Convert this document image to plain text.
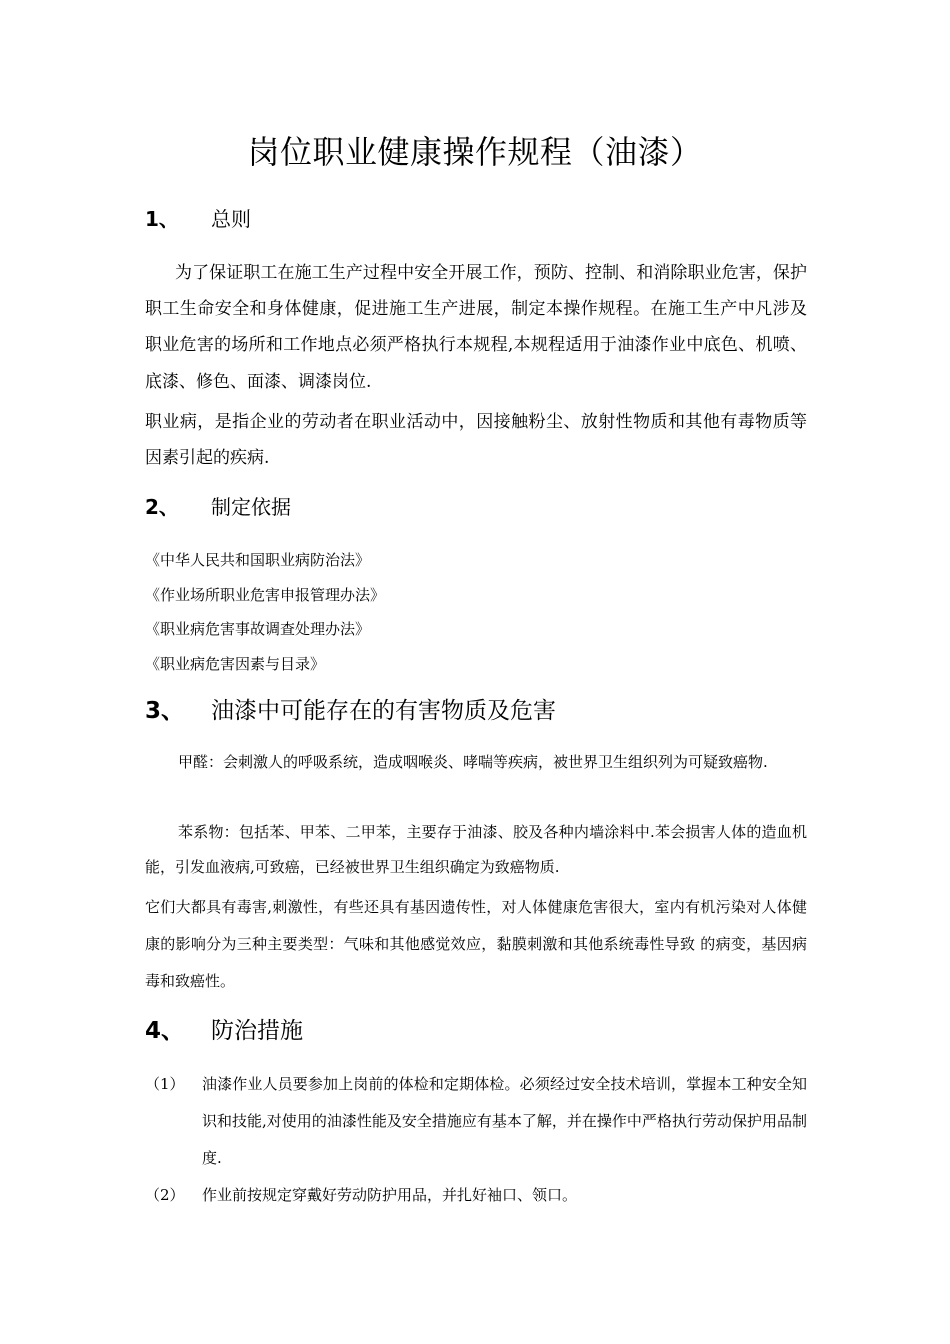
岗位职业健康操作规程（油漆）
1、 总则

为了保证职工在施工生产过程中安全开展工作，预防、控制、和消除职业危害，保护职工生命安全和身体健康，促进施工生产进展，制定本操作规程。在施工生产中凡涉及职业危害的场所和工作地点必须严格执行本规程,本规程适用于油漆作业中底色、机喷、底漆、修色、面漆、调漆岗位.

职业病，是指企业的劳动者在职业活动中，因接触粉尘、放射性物质和其他有毒物质等因素引起的疾病.

2、 制定依据
《中华人民共和国职业病防治法》
《作业场所职业危害申报管理办法》
《职业病危害事故调查处理办法》
《职业病危害因素与目录》
3、 油漆中可能存在的有害物质及危害

甲醛：会刺激人的呼吸系统，造成咽喉炎、哮喘等疾病，被世界卫生组织列为可疑致癌物.

苯系物：包括苯、甲苯、二甲苯，主要存于油漆、胶及各种内墙涂料中.苯会损害人体的造血机能，引发血液病,可致癌，已经被世界卫生组织确定为致癌物质.

它们大都具有毒害,刺激性，有些还具有基因遗传性，对人体健康危害很大，室内有机污染对人体健康的影响分为三种主要类型：气味和其他感觉效应，黏膜刺激和其他系统毒性导致 的病变，基因病毒和致癌性。

4、 防治措施
（1） 油漆作业人员要参加上岗前的体检和定期体检。必须经过安全技术培训，掌握本工种安全知识和技能,对使用的油漆性能及安全措施应有基本了解，并在操作中严格执行劳动保护用品制度.
（2） 作业前按规定穿戴好劳动防护用品，并扎好袖口、领口。
